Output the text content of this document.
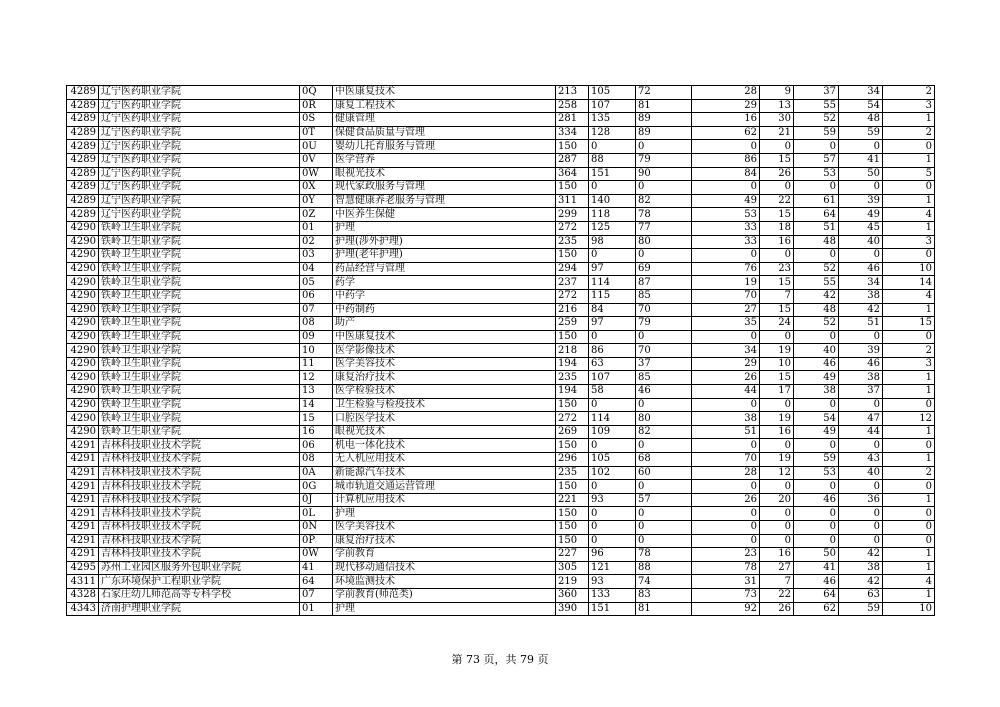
4289	辽宁医药职业学院	0Q	中医康复技术	213	105	72	28	9	37	34	2
4289	辽宁医药职业学院	0R	康复工程技术	258	107	81	29	13	55	54	3
4289	辽宁医药职业学院	0S	健康管理	281	135	89	16	30	52	48	1
4289	辽宁医药职业学院	0T	保健食品质量与管理	334	128	89	62	21	59	59	2
4289	辽宁医药职业学院	0U	婴幼儿托育服务与管理	150	0	0	0	0	0	0	0
4289	辽宁医药职业学院	0V	医学营养	287	88	79	86	15	57	41	1
4289	辽宁医药职业学院	0W	眼视光技术	364	151	90	84	26	53	50	5
4289	辽宁医药职业学院	0X	现代家政服务与管理	150	0	0	0	0	0	0	0
4289	辽宁医药职业学院	0Y	智慧健康养老服务与管理	311	140	82	49	22	61	39	1
4289	辽宁医药职业学院	0Z	中医养生保健	299	118	78	53	15	64	49	4
4290	铁岭卫生职业学院	01	护理	272	125	77	33	18	51	45	1
4290	铁岭卫生职业学院	02	护理(涉外护理)	235	98	80	33	16	48	40	3
4290	铁岭卫生职业学院	03	护理(老年护理)	150	0	0	0	0	0	0	0
4290	铁岭卫生职业学院	04	药品经营与管理	294	97	69	76	23	52	46	10
4290	铁岭卫生职业学院	05	药学	237	114	87	19	15	55	34	14
4290	铁岭卫生职业学院	06	中药学	272	115	85	70	7	42	38	4
4290	铁岭卫生职业学院	07	中药制药	216	84	70	27	15	48	42	1
4290	铁岭卫生职业学院	08	助产	259	97	79	35	24	52	51	15
4290	铁岭卫生职业学院	09	中医康复技术	150	0	0	0	0	0	0	0
4290	铁岭卫生职业学院	10	医学影像技术	218	86	70	34	19	40	39	2
4290	铁岭卫生职业学院	11	医学美容技术	194	63	37	29	10	46	46	3
4290	铁岭卫生职业学院	12	康复治疗技术	235	107	85	26	15	49	38	1
4290	铁岭卫生职业学院	13	医学检验技术	194	58	46	44	17	38	37	1
4290	铁岭卫生职业学院	14	卫生检验与检疫技术	150	0	0	0	0	0	0	0
4290	铁岭卫生职业学院	15	口腔医学技术	272	114	80	38	19	54	47	12
4290	铁岭卫生职业学院	16	眼视光技术	269	109	82	51	16	49	44	1
4291	吉林科技职业技术学院	06	机电一体化技术	150	0	0	0	0	0	0	0
4291	吉林科技职业技术学院	08	无人机应用技术	296	105	68	70	19	59	43	1
4291	吉林科技职业技术学院	0A	新能源汽车技术	235	102	60	28	12	53	40	2
4291	吉林科技职业技术学院	0G	城市轨道交通运营管理	150	0	0	0	0	0	0	0
4291	吉林科技职业技术学院	0J	计算机应用技术	221	93	57	26	20	46	36	1
4291	吉林科技职业技术学院	0L	护理	150	0	0	0	0	0	0	0
4291	吉林科技职业技术学院	0N	医学美容技术	150	0	0	0	0	0	0	0
4291	吉林科技职业技术学院	0P	康复治疗技术	150	0	0	0	0	0	0	0
4291	吉林科技职业技术学院	0W	学前教育	227	96	78	23	16	50	42	1
4295	苏州工业园区服务外包职业学院	41	现代移动通信技术	305	121	88	78	27	41	38	1
4311	广东环境保护工程职业学院	64	环境监测技术	219	93	74	31	7	46	42	4
4328	石家庄幼儿师范高等专科学校	07	学前教育(师范类)	360	133	83	73	22	64	63	1
4343	济南护理职业学院	01	护理	390	151	81	92	26	62	59	10
第 73 页，共 79 页
